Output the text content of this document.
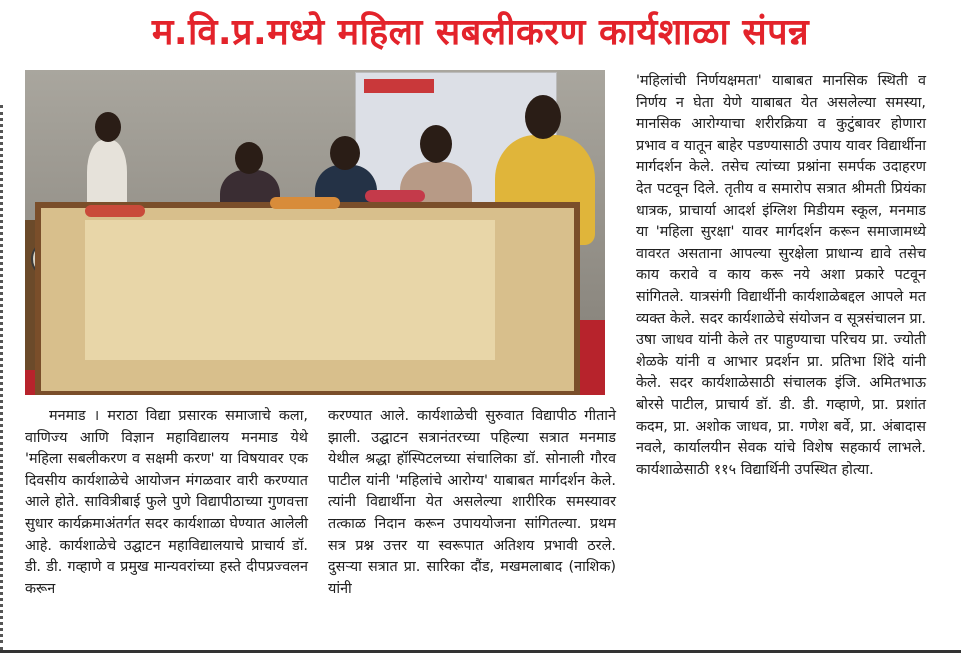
म.वि.प्र.मध्ये महिला सबलीकरण कार्यशाळा संपन्न

मनमाड । मराठा विद्या प्रसारक समाजाचे कला, वाणिज्य आणि विज्ञान महाविद्यालय मनमाड येथे 'महिला सबलीकरण व सक्षमी करण' या विषयावर एक दिवसीय कार्यशाळेचे आयोजन मंगळवार वारी करण्यात आले होते. सावित्रीबाई फुले पुणे विद्यापीठाच्या गुणवत्ता सुधार कार्यक्रमाअंतर्गत सदर कार्यशाळा घेण्यात आलेली आहे. कार्यशाळेचे उद्घाटन महाविद्यालयाचे प्राचार्य डॉ. डी. डी. गव्हाणे व प्रमुख मान्यवरांच्या हस्ते दीपप्रज्वलन करून

करण्यात आले. कार्यशाळेची सुरुवात विद्यापीठ गीताने झाली. उद्घाटन सत्रानंतरच्या पहिल्या सत्रात मनमाड येथील श्रद्धा हॉस्पिटलच्या संचालिका डॉ. सोनाली गौरव पाटील यांनी 'महिलांचे आरोग्य' याबाबत मार्गदर्शन केले. त्यांनी विद्यार्थीना येत असलेल्या शारीरिक समस्यावर तत्काळ निदान करून उपाययोजना सांगितल्या. प्रथम सत्र प्रश्न उत्तर या स्वरूपात अतिशय प्रभावी ठरले. दुसऱ्या सत्रात प्रा. सारिका दौंड, मखमलाबाद (नाशिक) यांनी

'महिलांची निर्णयक्षमता' याबाबत मानसिक स्थिती व निर्णय न घेता येणे याबाबत येत असलेल्या समस्या, मानसिक आरोग्याचा शरीरक्रिया व कुटुंबावर होणारा प्रभाव व यातून बाहेर पडण्यासाठी उपाय यावर विद्यार्थीना मार्गदर्शन केले. तसेच त्यांच्या प्रश्नांना समर्पक उदाहरण देत पटवून दिले. तृतीय व समारोप सत्रात श्रीमती प्रियंका धात्रक, प्राचार्या आदर्श इंग्लिश मिडीयम स्कूल, मनमाड या 'महिला सुरक्षा' यावर मार्गदर्शन करून समाजामध्ये वावरत असताना आपल्या सुरक्षेला प्राधान्य द्यावे तसेच काय करावे व काय करू नये अशा प्रकारे पटवून सांगितले. यात्रसंगी विद्यार्थीनी कार्यशाळेबद्दल आपले मत व्यक्त केले. सदर कार्यशाळेचे संयोजन व सूत्रसंचालन प्रा. उषा जाधव यांनी केले तर पाहुण्याचा परिचय प्रा. ज्योती शेळके यांनी व आभार प्रदर्शन प्रा. प्रतिभा शिंदे यांनी केले. सदर कार्यशाळेसाठी संचालक इंजि. अमितभाऊ बोरसे पाटील, प्राचार्य डॉ. डी. डी. गव्हाणे, प्रा. प्रशांत कदम, प्रा. अशोक जाधव, प्रा. गणेश बर्वे, प्रा. अंबादास नवले, कार्यालयीन सेवक यांचे विशेष सहकार्य लाभले. कार्यशाळेसाठी ११५ विद्यार्थिनी उपस्थित होत्या.
